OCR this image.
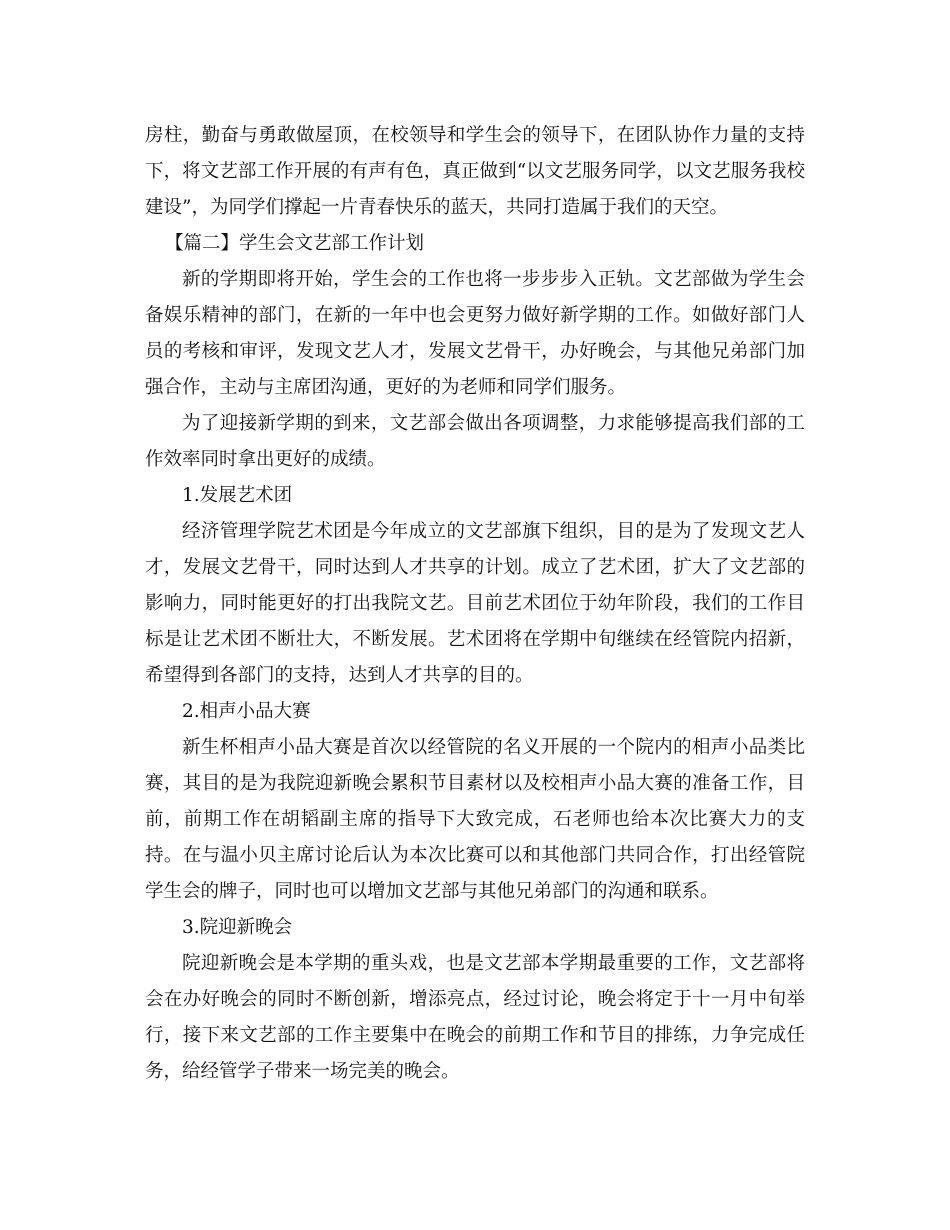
房柱，勤奋与勇敢做屋顶，在校领导和学生会的领导下，在团队协作力量的支持下，将文艺部工作开展的有声有色，真正做到“以文艺服务同学，以文艺服务我校建设”，为同学们撑起一片青春快乐的蓝天，共同打造属于我们的天空。

【篇二】学生会文艺部工作计划

新的学期即将开始，学生会的工作也将一步步步入正轨。文艺部做为学生会备娱乐精神的部门，在新的一年中也会更努力做好新学期的工作。如做好部门人员的考核和审评，发现文艺人才，发展文艺骨干，办好晚会，与其他兄弟部门加强合作，主动与主席团沟通，更好的为老师和同学们服务。

为了迎接新学期的到来，文艺部会做出各项调整，力求能够提高我们部的工作效率同时拿出更好的成绩。

1.发展艺术团

经济管理学院艺术团是今年成立的文艺部旗下组织，目的是为了发现文艺人才，发展文艺骨干，同时达到人才共享的计划。成立了艺术团，扩大了文艺部的影响力，同时能更好的打出我院文艺。目前艺术团位于幼年阶段，我们的工作目标是让艺术团不断壮大，不断发展。艺术团将在学期中旬继续在经管院内招新，希望得到各部门的支持，达到人才共享的目的。

2.相声小品大赛

新生杯相声小品大赛是首次以经管院的名义开展的一个院内的相声小品类比赛，其目的是为我院迎新晚会累积节目素材以及校相声小品大赛的准备工作，目前，前期工作在胡韬副主席的指导下大致完成，石老师也给本次比赛大力的支持。在与温小贝主席讨论后认为本次比赛可以和其他部门共同合作，打出经管院学生会的牌子，同时也可以增加文艺部与其他兄弟部门的沟通和联系。

3.院迎新晚会

院迎新晚会是本学期的重头戏，也是文艺部本学期最重要的工作，文艺部将会在办好晚会的同时不断创新，增添亮点，经过讨论，晚会将定于十一月中旬举行，接下来文艺部的工作主要集中在晚会的前期工作和节目的排练，力争完成任务，给经管学子带来一场完美的晚会。
